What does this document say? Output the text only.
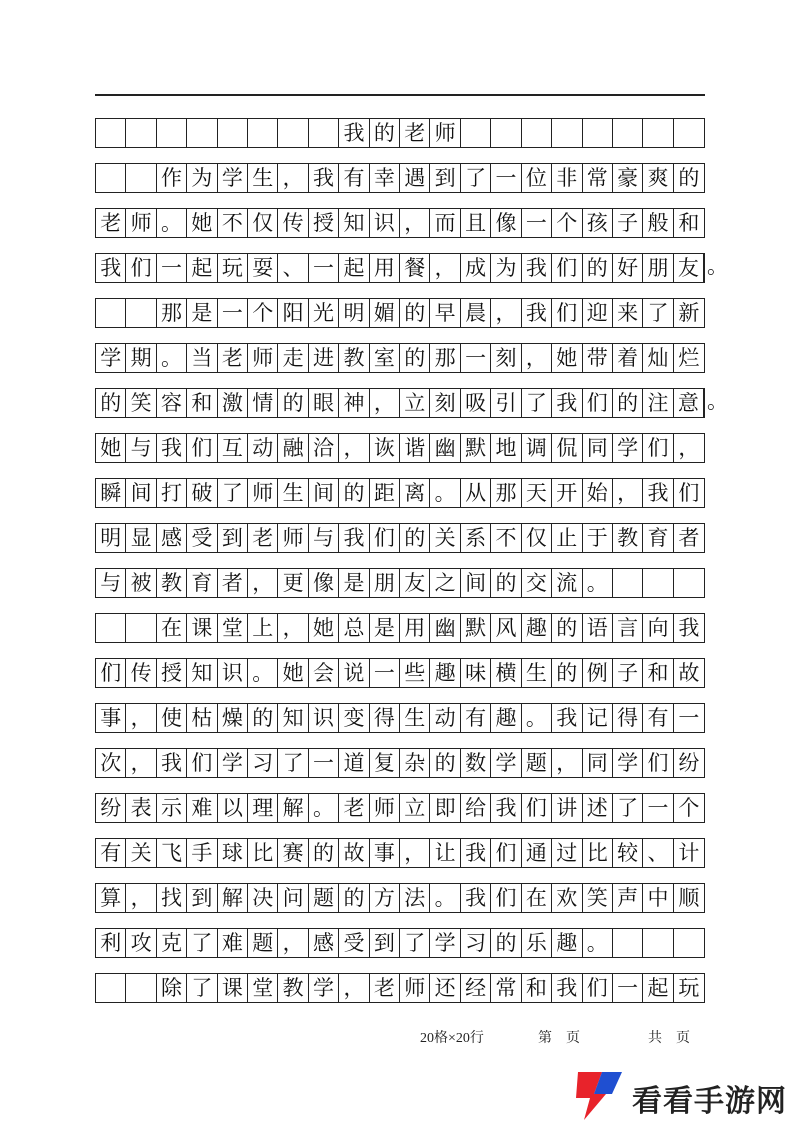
我 的 老 师
作 为 学 生 ， 我 有 幸 遇 到 了 一 位 非 常 豪 爽 的
老 师 。 她 不 仅 传 授 知 识 ， 而 且 像 一 个 孩 子 般 和
我 们 一 起 玩 耍 、 一 起 用 餐 ， 成 为 我 们 的 好 朋 友 。
那 是 一 个 阳 光 明 媚 的 早 晨 ， 我 们 迎 来 了 新
学 期 。 当 老 师 走 进 教 室 的 那 一 刻 ， 她 带 着 灿 烂
的 笑 容 和 激 情 的 眼 神 ， 立 刻 吸 引 了 我 们 的 注 意 。
她 与 我 们 互 动 融 洽 ， 诙 谐 幽 默 地 调 侃 同 学 们 ，
瞬 间 打 破 了 师 生 间 的 距 离 。 从 那 天 开 始 ， 我 们
明 显 感 受 到 老 师 与 我 们 的 关 系 不 仅 止 于 教 育 者
与 被 教 育 者 ， 更 像 是 朋 友 之 间 的 交 流 。
在 课 堂 上 ， 她 总 是 用 幽 默 风 趣 的 语 言 向 我
们 传 授 知 识 。 她 会 说 一 些 趣 味 横 生 的 例 子 和 故
事 ， 使 枯 燥 的 知 识 变 得 生 动 有 趣 。 我 记 得 有 一
次 ， 我 们 学 习 了 一 道 复 杂 的 数 学 题 ， 同 学 们 纷
纷 表 示 难 以 理 解 。 老 师 立 即 给 我 们 讲 述 了 一 个
有 关 飞 手 球 比 赛 的 故 事 ， 让 我 们 通 过 比 较 、 计
算 ， 找 到 解 决 问 题 的 方 法 。 我 们 在 欢 笑 声 中 顺
利 攻 克 了 难 题 ， 感 受 到 了 学 习 的 乐 趣 。
除 了 课 堂 教 学 ， 老 师 还 经 常 和 我 们 一 起 玩
20格×20行	第　页	共　页
看看手游网
